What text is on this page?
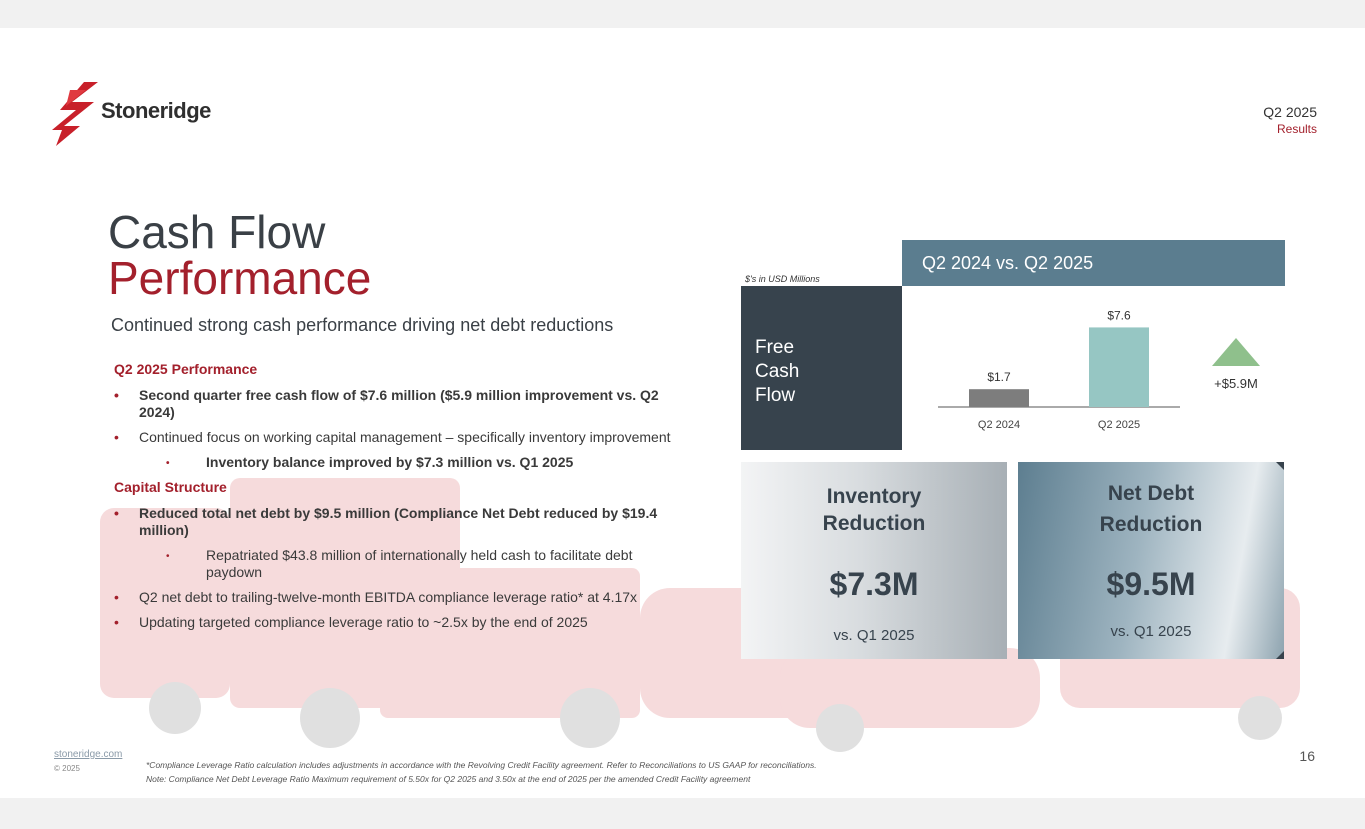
Stoneridge	Q2 2025
Results
Cash Flow
Performance
Continued strong cash performance driving net debt reductions
Q2 2025 Performance
• Second quarter free cash flow of $7.6 million ($5.9 million improvement vs. Q2 2024)
• Continued focus on working capital management – specifically inventory improvement
•	Inventory balance improved by $7.3 million vs. Q1 2025
Capital Structure
• Reduced total net debt by $9.5 million (Compliance Net Debt reduced by $19.4 million)
•	Repatriated $43.8 million of internationally held cash to facilitate debt paydown
• Q2 net debt to trailing-twelve-month EBITDA compliance leverage ratio* at 4.17x
• Updating targeted compliance leverage ratio to ~2.5x by the end of 2025
$'s in USD Millions
Q2 2024 vs. Q2 2025
Free
Cash
Flow
$1.7
Q2 2024
$7.6
Q2 2025
+$5.9M
Inventory
Reduction
$7.3M
vs. Q1 2025
Net Debt
Reduction
$9.5M
vs. Q1 2025
stoneridge.com
© 2025	*Compliance Leverage Ratio calculation includes adjustments in accordance with the Revolving Credit Facility agreement. Refer to Reconciliations to US GAAP for reconciliations.
Note: Compliance Net Debt Leverage Ratio Maximum requirement of 5.50x for Q2 2025 and 3.50x at the end of 2025 per the amended Credit Facility agreement
16
